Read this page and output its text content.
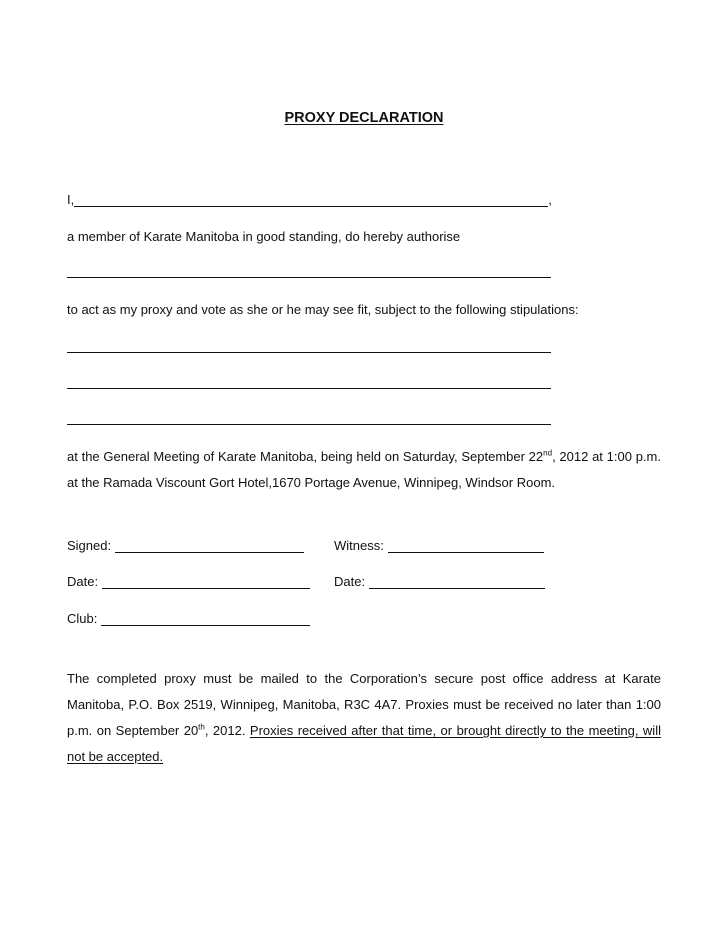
PROXY DECLARATION
I,	,
a member of Karate Manitoba in good standing, do hereby authorise
to act as my proxy and vote as she or he may see fit, subject to the following stipulations:
at the General Meeting of Karate Manitoba, being held on Saturday, September 22nd, 2012 at 1:00 p.m. at the Ramada Viscount Gort Hotel,1670 Portage Avenue, Winnipeg, Windsor Room.
Signed:	Witness:
Date:	Date:
Club:
The completed proxy must be mailed to the Corporation’s secure post office address at Karate Manitoba, P.O. Box 2519, Winnipeg, Manitoba, R3C 4A7. Proxies must be received no later than 1:00 p.m. on September 20th, 2012. Proxies received after that time, or brought directly to the meeting, will not be accepted.
